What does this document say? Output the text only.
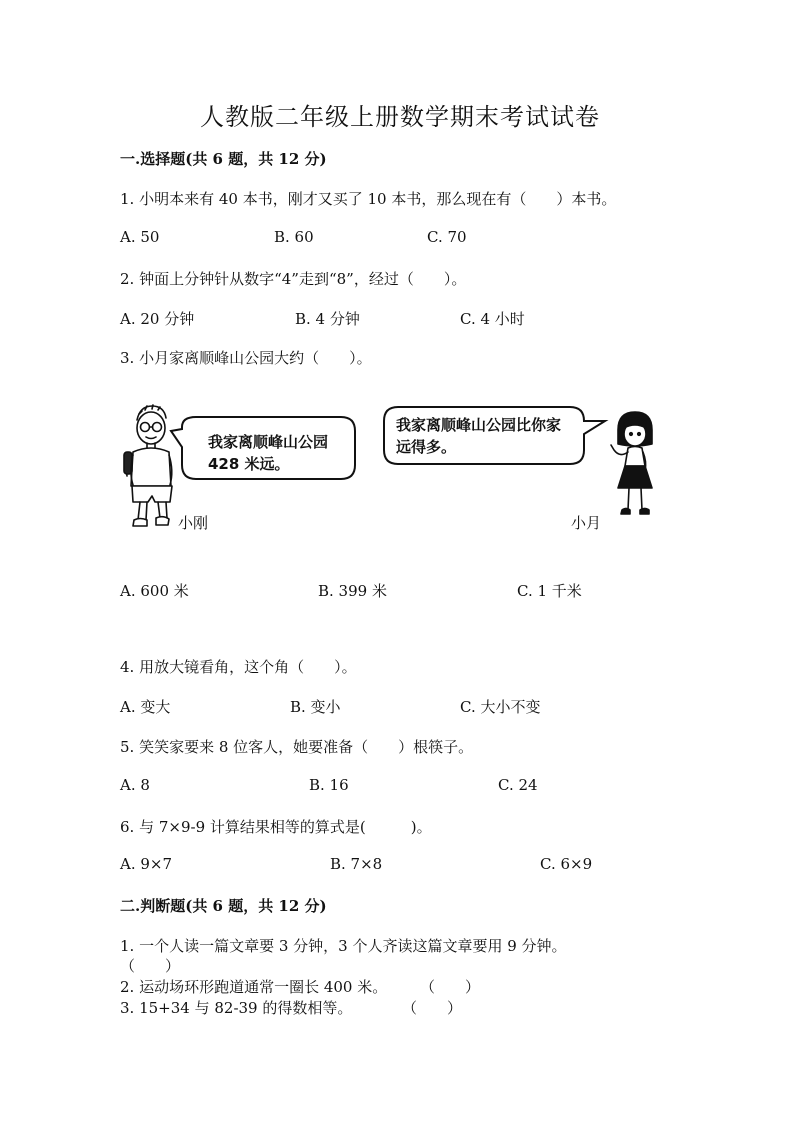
人教版二年级上册数学期末考试试卷
一.选择题(共 6 题，共 12 分)
1. 小明本来有 40 本书，刚才又买了 10 本书，那么现在有（　　）本书。
A. 50	B. 60	C. 70
2. 钟面上分钟针从数字“4”走到“8”，经过（　　）。
A. 20 分钟	B. 4 分钟	C. 4 小时
3. 小月家离顺峰山公园大约（　　）。
我家离顺峰山公园 428 米远。
我家离顺峰山公园比你家远得多。
小刚	小月
A. 600 米	B. 399 米	C. 1 千米
4. 用放大镜看角，这个角（　　）。
A. 变大	B. 变小	C. 大小不变
5. 笑笑家要来 8 位客人，她要准备（　　）根筷子。
A. 8	B. 16	C. 24
6. 与 7×9-9 计算结果相等的算式是(　　　)。
A. 9×7	B. 7×8	C. 6×9
二.判断题(共 6 题，共 12 分)
1. 一个人读一篇文章要 3 分钟，3 个人齐读这篇文章要用 9 分钟。
（　　）
2. 运动场环形跑道通常一圈长 400 米。 （　　）
3. 15+34 与 82-39 的得数相等。	（　　）
